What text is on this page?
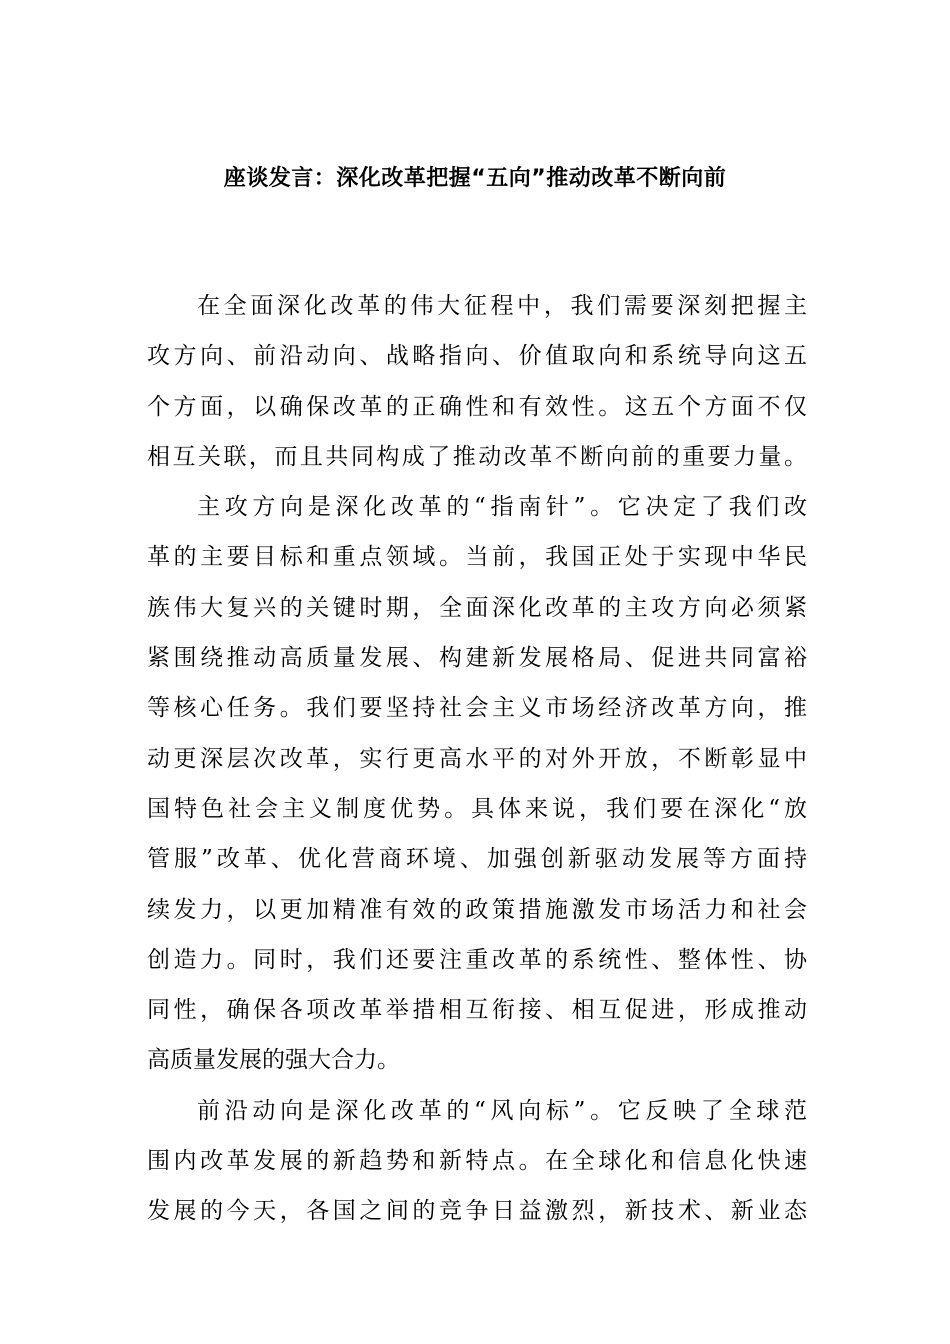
座谈发言：深化改革把握“五向”推动改革不断向前
在全面深化改革的伟大征程中，我们需要深刻把握主
攻方向、前沿动向、战略指向、价值取向和系统导向这五
个方面，以确保改革的正确性和有效性。这五个方面不仅
相互关联，而且共同构成了推动改革不断向前的重要力量。
主攻方向是深化改革的“指南针”。它决定了我们改
革的主要目标和重点领域。当前，我国正处于实现中华民
族伟大复兴的关键时期，全面深化改革的主攻方向必须紧
紧围绕推动高质量发展、构建新发展格局、促进共同富裕
等核心任务。我们要坚持社会主义市场经济改革方向，推
动更深层次改革，实行更高水平的对外开放，不断彰显中
国特色社会主义制度优势。具体来说，我们要在深化“放
管服”改革、优化营商环境、加强创新驱动发展等方面持
续发力，以更加精准有效的政策措施激发市场活力和社会
创造力。同时，我们还要注重改革的系统性、整体性、协
同性，确保各项改革举措相互衔接、相互促进，形成推动
高质量发展的强大合力。
前沿动向是深化改革的“风向标”。它反映了全球范
围内改革发展的新趋势和新特点。在全球化和信息化快速
发展的今天，各国之间的竞争日益激烈，新技术、新业态
